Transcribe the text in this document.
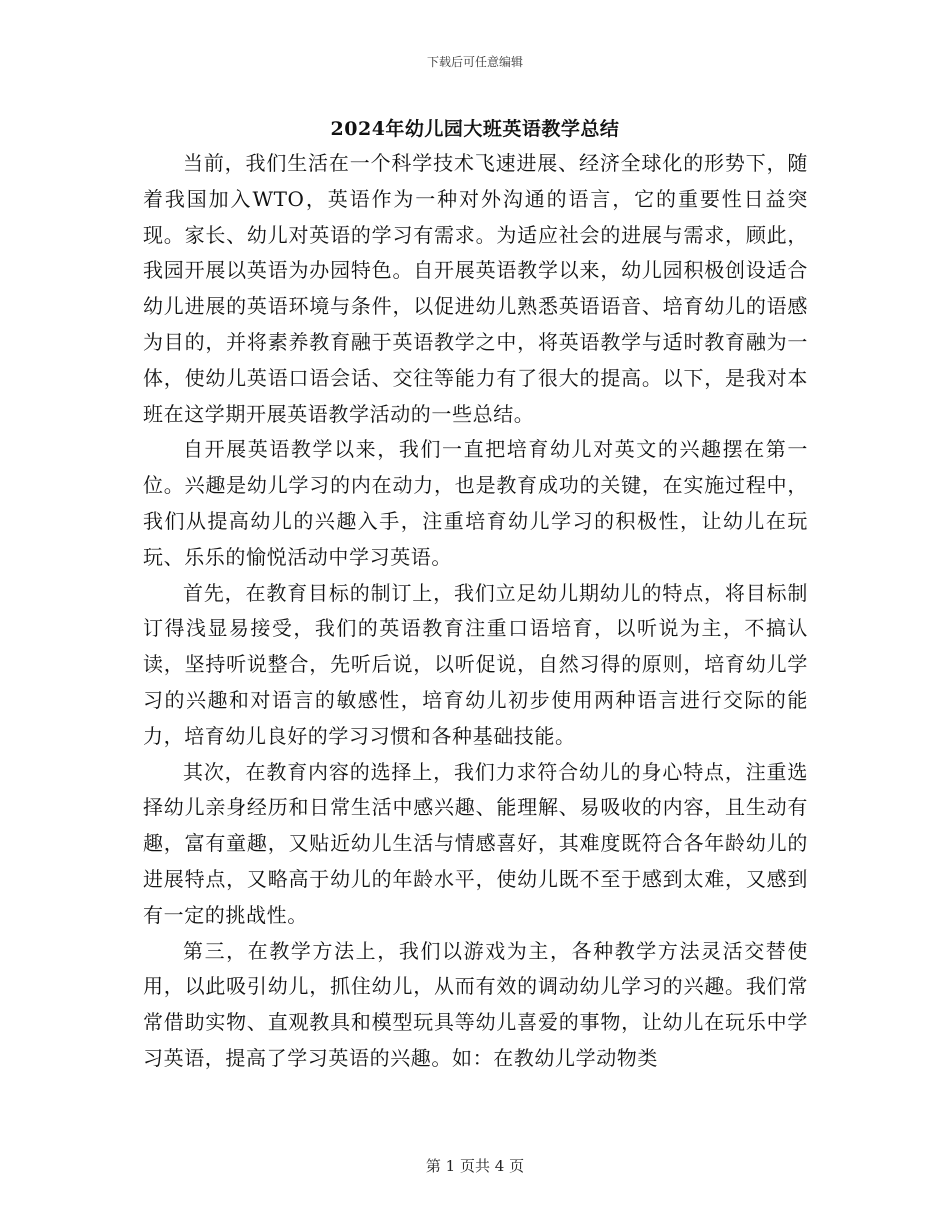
下载后可任意编辑
2024年幼儿园大班英语教学总结

当前，我们生活在一个科学技术飞速进展、经济全球化的形势下，随着我国加入WTO，英语作为一种对外沟通的语言，它的重要性日益突现。家长、幼儿对英语的学习有需求。为适应社会的进展与需求，顾此，我园开展以英语为办园特色。自开展英语教学以来，幼儿园积极创设适合幼儿进展的英语环境与条件，以促进幼儿熟悉英语语音、培育幼儿的语感为目的，并将素养教育融于英语教学之中，将英语教学与适时教育融为一体，使幼儿英语口语会话、交往等能力有了很大的提高。以下，是我对本班在这学期开展英语教学活动的一些总结。

自开展英语教学以来，我们一直把培育幼儿对英文的兴趣摆在第一位。兴趣是幼儿学习的内在动力，也是教育成功的关键，在实施过程中，我们从提高幼儿的兴趣入手，注重培育幼儿学习的积极性，让幼儿在玩玩、乐乐的愉悦活动中学习英语。

首先，在教育目标的制订上，我们立足幼儿期幼儿的特点，将目标制订得浅显易接受，我们的英语教育注重口语培育，以听说为主，不搞认读，坚持听说整合，先听后说，以听促说，自然习得的原则，培育幼儿学习的兴趣和对语言的敏感性，培育幼儿初步使用两种语言进行交际的能力，培育幼儿良好的学习习惯和各种基础技能。

其次，在教育内容的选择上，我们力求符合幼儿的身心特点，注重选择幼儿亲身经历和日常生活中感兴趣、能理解、易吸收的内容，且生动有趣，富有童趣，又贴近幼儿生活与情感喜好，其难度既符合各年龄幼儿的进展特点，又略高于幼儿的年龄水平，使幼儿既不至于感到太难，又感到有一定的挑战性。

第三，在教学方法上，我们以游戏为主，各种教学方法灵活交替使用，以此吸引幼儿，抓住幼儿，从而有效的调动幼儿学习的兴趣。我们常常借助实物、直观教具和模型玩具等幼儿喜爱的事物，让幼儿在玩乐中学习英语，提高了学习英语的兴趣。如：在教幼儿学动物类

第 1 页共 4 页
